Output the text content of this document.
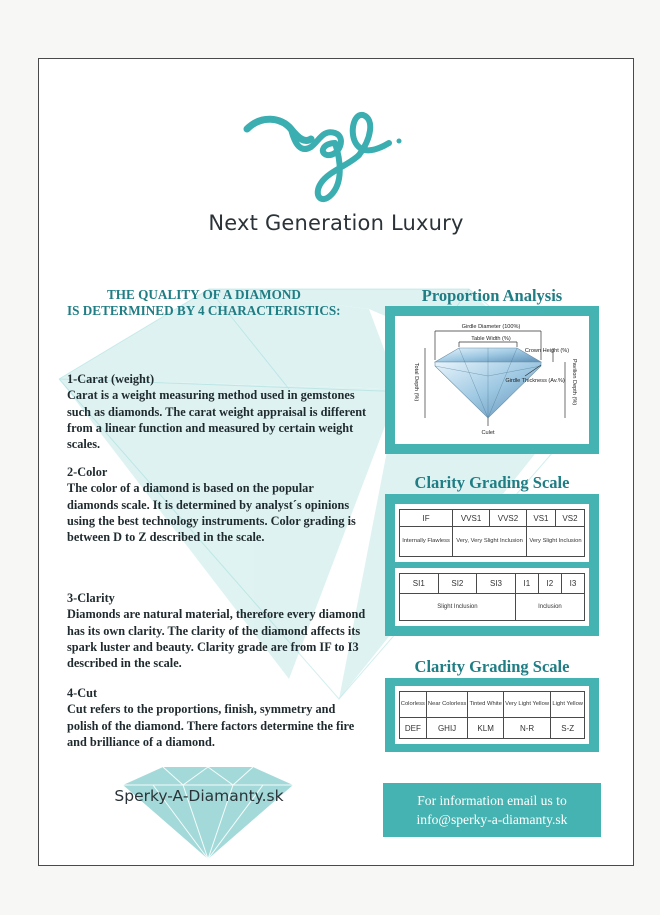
Next Generation Luxury
THE QUALITY OF A DIAMOND
IS DETERMINED BY 4 CHARACTERISTICS:
1-Carat (weight)
Carat is a weight measuring method used in gemstones such as diamonds. The carat weight appraisal is different from a linear function and measured by certain weight scales.
2-Color
The color of a diamond is based on the popular diamonds scale. It is determined by analyst´s opinions using the best technology instruments. Color grading is between D to Z described in the scale.
3-Clarity
Diamonds are natural material, therefore every diamond has its own clarity. The clarity of the diamond affects its spark luster and beauty. Clarity grade are from IF to I3 described in the scale.
4-Cut
Cut refers to the proportions, finish, symmetry and polish of the diamond. There factors determine the fire and brilliance of a diamond.
Proportion Analysis
Girdle Diameter (100%)
Table Width (%)
Crown Height (%)
Girdle Thickness (Av.%)
Culet
Total Depth (%)	Pavilion Depth (%)
Clarity Grading Scale
IF	VVS1	VVS2	VS1	VS2
Internally Flawless	Very, Very Slight Inclusion		Very Slight Inclusion	
SI1	SI2	SI3	I1	I2	I3
Slight Inclusion			Inclusion		
Clarity Grading Scale
Colorless	Near Colorless	Tinted White	Very Light Yellow	Light Yellow
DEF	GHIJ	KLM	N-R	S-Z
Sperky-A-Diamanty.sk	For information email us to
info@sperky-a-diamanty.sk
